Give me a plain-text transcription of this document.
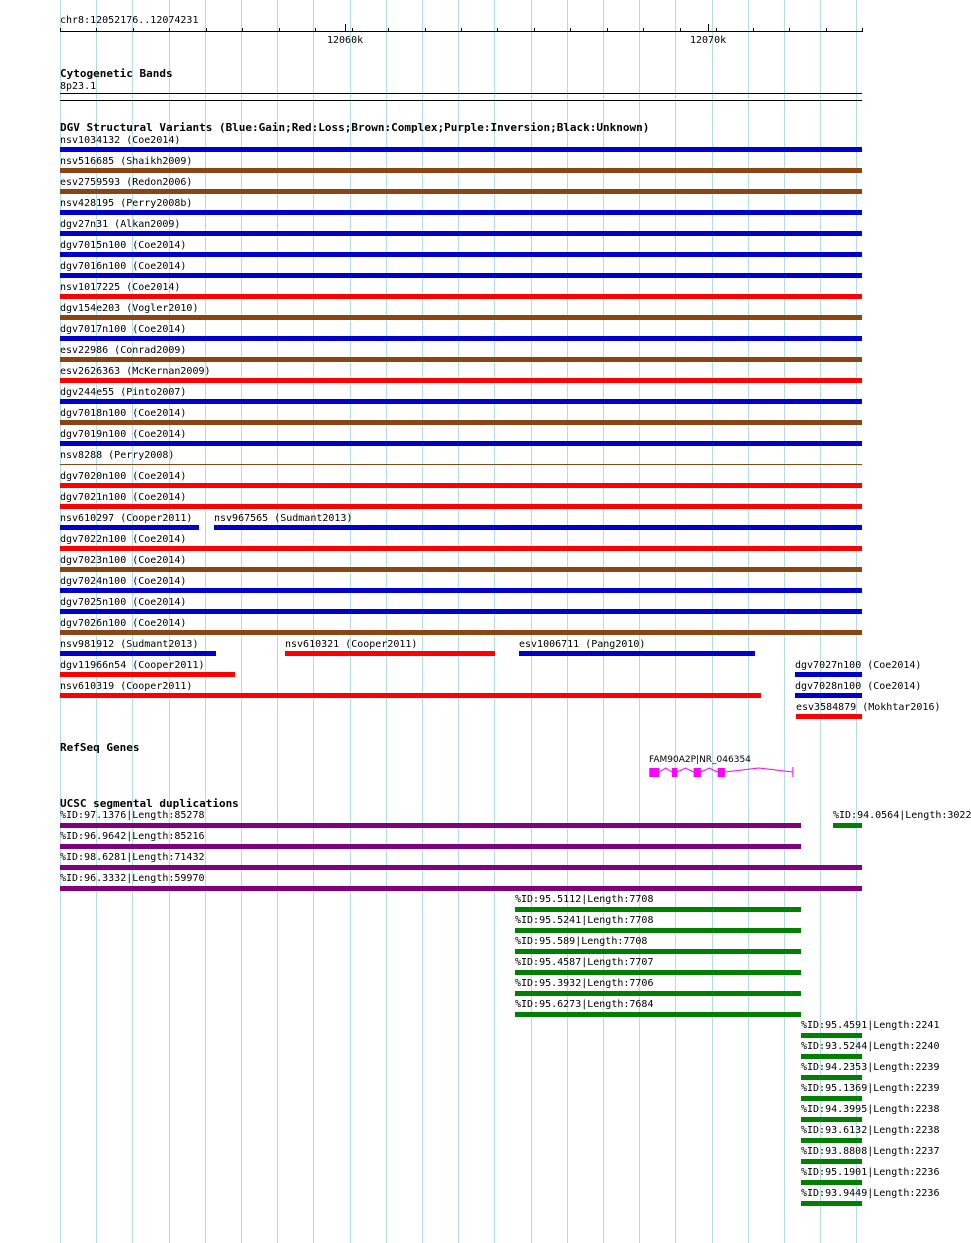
chr8:12052176..12074231
12060k	12070k
Cytogenetic Bands
8p23.1
DGV Structural Variants (Blue:Gain;Red:Loss;Brown:Complex;Purple:Inversion;Black:Unknown)
nsv1034132 (Coe2014)
nsv516685 (Shaikh2009)
esv2759593 (Redon2006)
nsv428195 (Perry2008b)
dgv27n31 (Alkan2009)
dgv7015n100 (Coe2014)
dgv7016n100 (Coe2014)
nsv1017225 (Coe2014)
dgv154e203 (Vogler2010)
dgv7017n100 (Coe2014)
esv22986 (Conrad2009)
esv2626363 (McKernan2009)
dgv244e55 (Pinto2007)
dgv7018n100 (Coe2014)
dgv7019n100 (Coe2014)
nsv8288 (Perry2008)
dgv7020n100 (Coe2014)
dgv7021n100 (Coe2014)
nsv610297 (Cooper2011) nsv967565 (Sudmant2013)
dgv7022n100 (Coe2014)
dgv7023n100 (Coe2014)
dgv7024n100 (Coe2014)
dgv7025n100 (Coe2014)
dgv7026n100 (Coe2014)
nsv981912 (Sudmant2013)	nsv610321 (Cooper2011)	esv1006711 (Pang2010)
dgv11966n54 (Cooper2011)	dgv7027n100 (Coe2014)
nsv610319 (Cooper2011)	dgv7028n100 (Coe2014)
esv3584879 (Mokhtar2016)
RefSeq Genes
FAM90A2P|NR_046354
UCSC segmental duplications
%ID:97.1376|Length:85278	%ID:94.0564|Length:3022
%ID:96.9642|Length:85216
%ID:98.6281|Length:71432
%ID:96.3332|Length:59970
%ID:95.5112|Length:7708
%ID:95.5241|Length:7708
%ID:95.589|Length:7708
%ID:95.4587|Length:7707
%ID:95.3932|Length:7706
%ID:95.6273|Length:7684
%ID:95.4591|Length:2241
%ID:93.5244|Length:2240
%ID:94.2353|Length:2239
%ID:95.1369|Length:2239
%ID:94.3995|Length:2238
%ID:93.6132|Length:2238
%ID:93.8808|Length:2237
%ID:95.1901|Length:2236
%ID:93.9449|Length:2236
